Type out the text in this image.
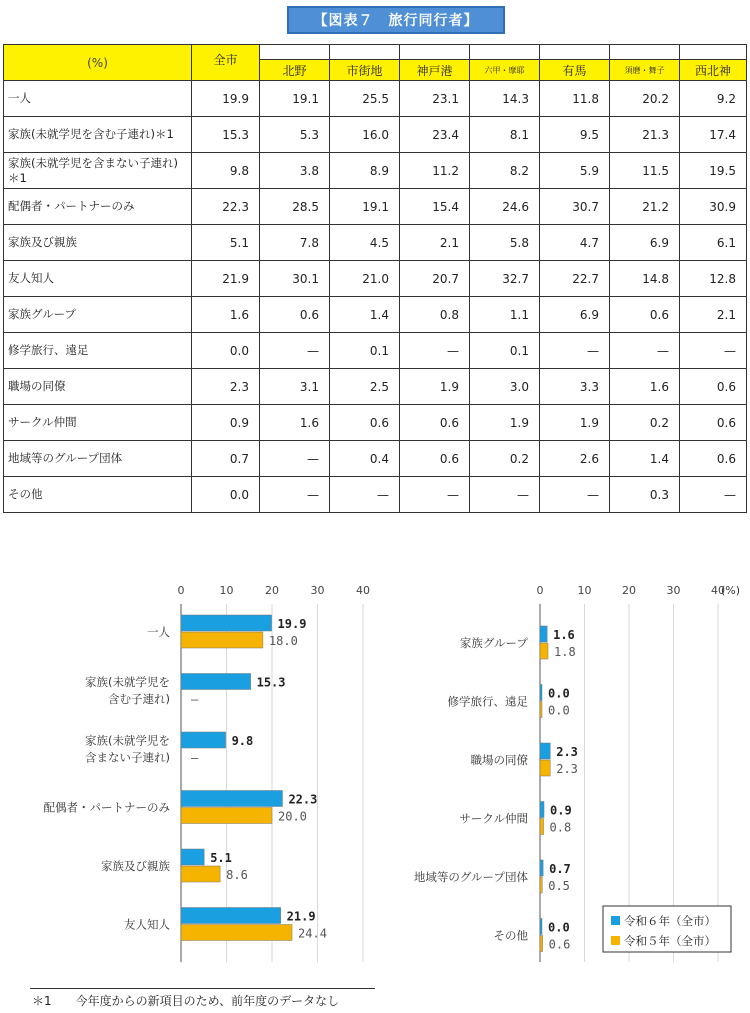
【図表７　旅行同行者】
(%)	全市	北野	市街地	神戸港	六甲・摩耶	有馬	須磨・舞子	西北神

一人	19.9	19.1	25.5	23.1	14.3	11.8	20.2	9.2
家族(未就学児を含む子連れ)＊1	15.3	5.3	16.0	23.4	8.1	9.5	21.3	17.4
家族(未就学児を含まない子連れ)＊1	9.8	3.8	8.9	11.2	8.2	5.9	11.5	19.5
配偶者・パートナーのみ	22.3	28.5	19.1	15.4	24.6	30.7	21.2	30.9
家族及び親族	5.1	7.8	4.5	2.1	5.8	4.7	6.9	6.1
友人知人	21.9	30.1	21.0	20.7	32.7	22.7	14.8	12.8
家族グループ	1.6	0.6	1.4	0.8	1.1	6.9	0.6	2.1
修学旅行、遠足	0.0	—	0.1	—	0.1	—	—	—
職場の同僚	2.3	3.1	2.5	1.9	3.0	3.3	1.6	0.6
サークル仲間	0.9	1.6	0.6	0.6	1.9	1.9	0.2	0.6
地域等のグループ団体	0.7	—	0.4	0.6	0.2	2.6	1.4	0.6
その他	0.0	—	—	—	—	—	0.3	—
0	10	20	30	40
一人
19.9
18.0
家族(未就学児を
含む子連れ)
15.3
—
家族(未就学児を
含まない子連れ)
9.8
—
配偶者・パートナーのみ
22.3
20.0
家族及び親族
5.1
8.6
友人知人
21.9
24.4
0	10	20	30	40
(%)
家族グループ
1.6
1.8
修学旅行、遠足
0.0
0.0
職場の同僚
2.3
2.3
サークル仲間
0.9
0.8
地域等のグループ団体
0.7
0.5
その他
0.0
0.6
令和６年（全市）
令和５年（全市）
＊1　　今年度からの新項目のため、前年度のデータなし
